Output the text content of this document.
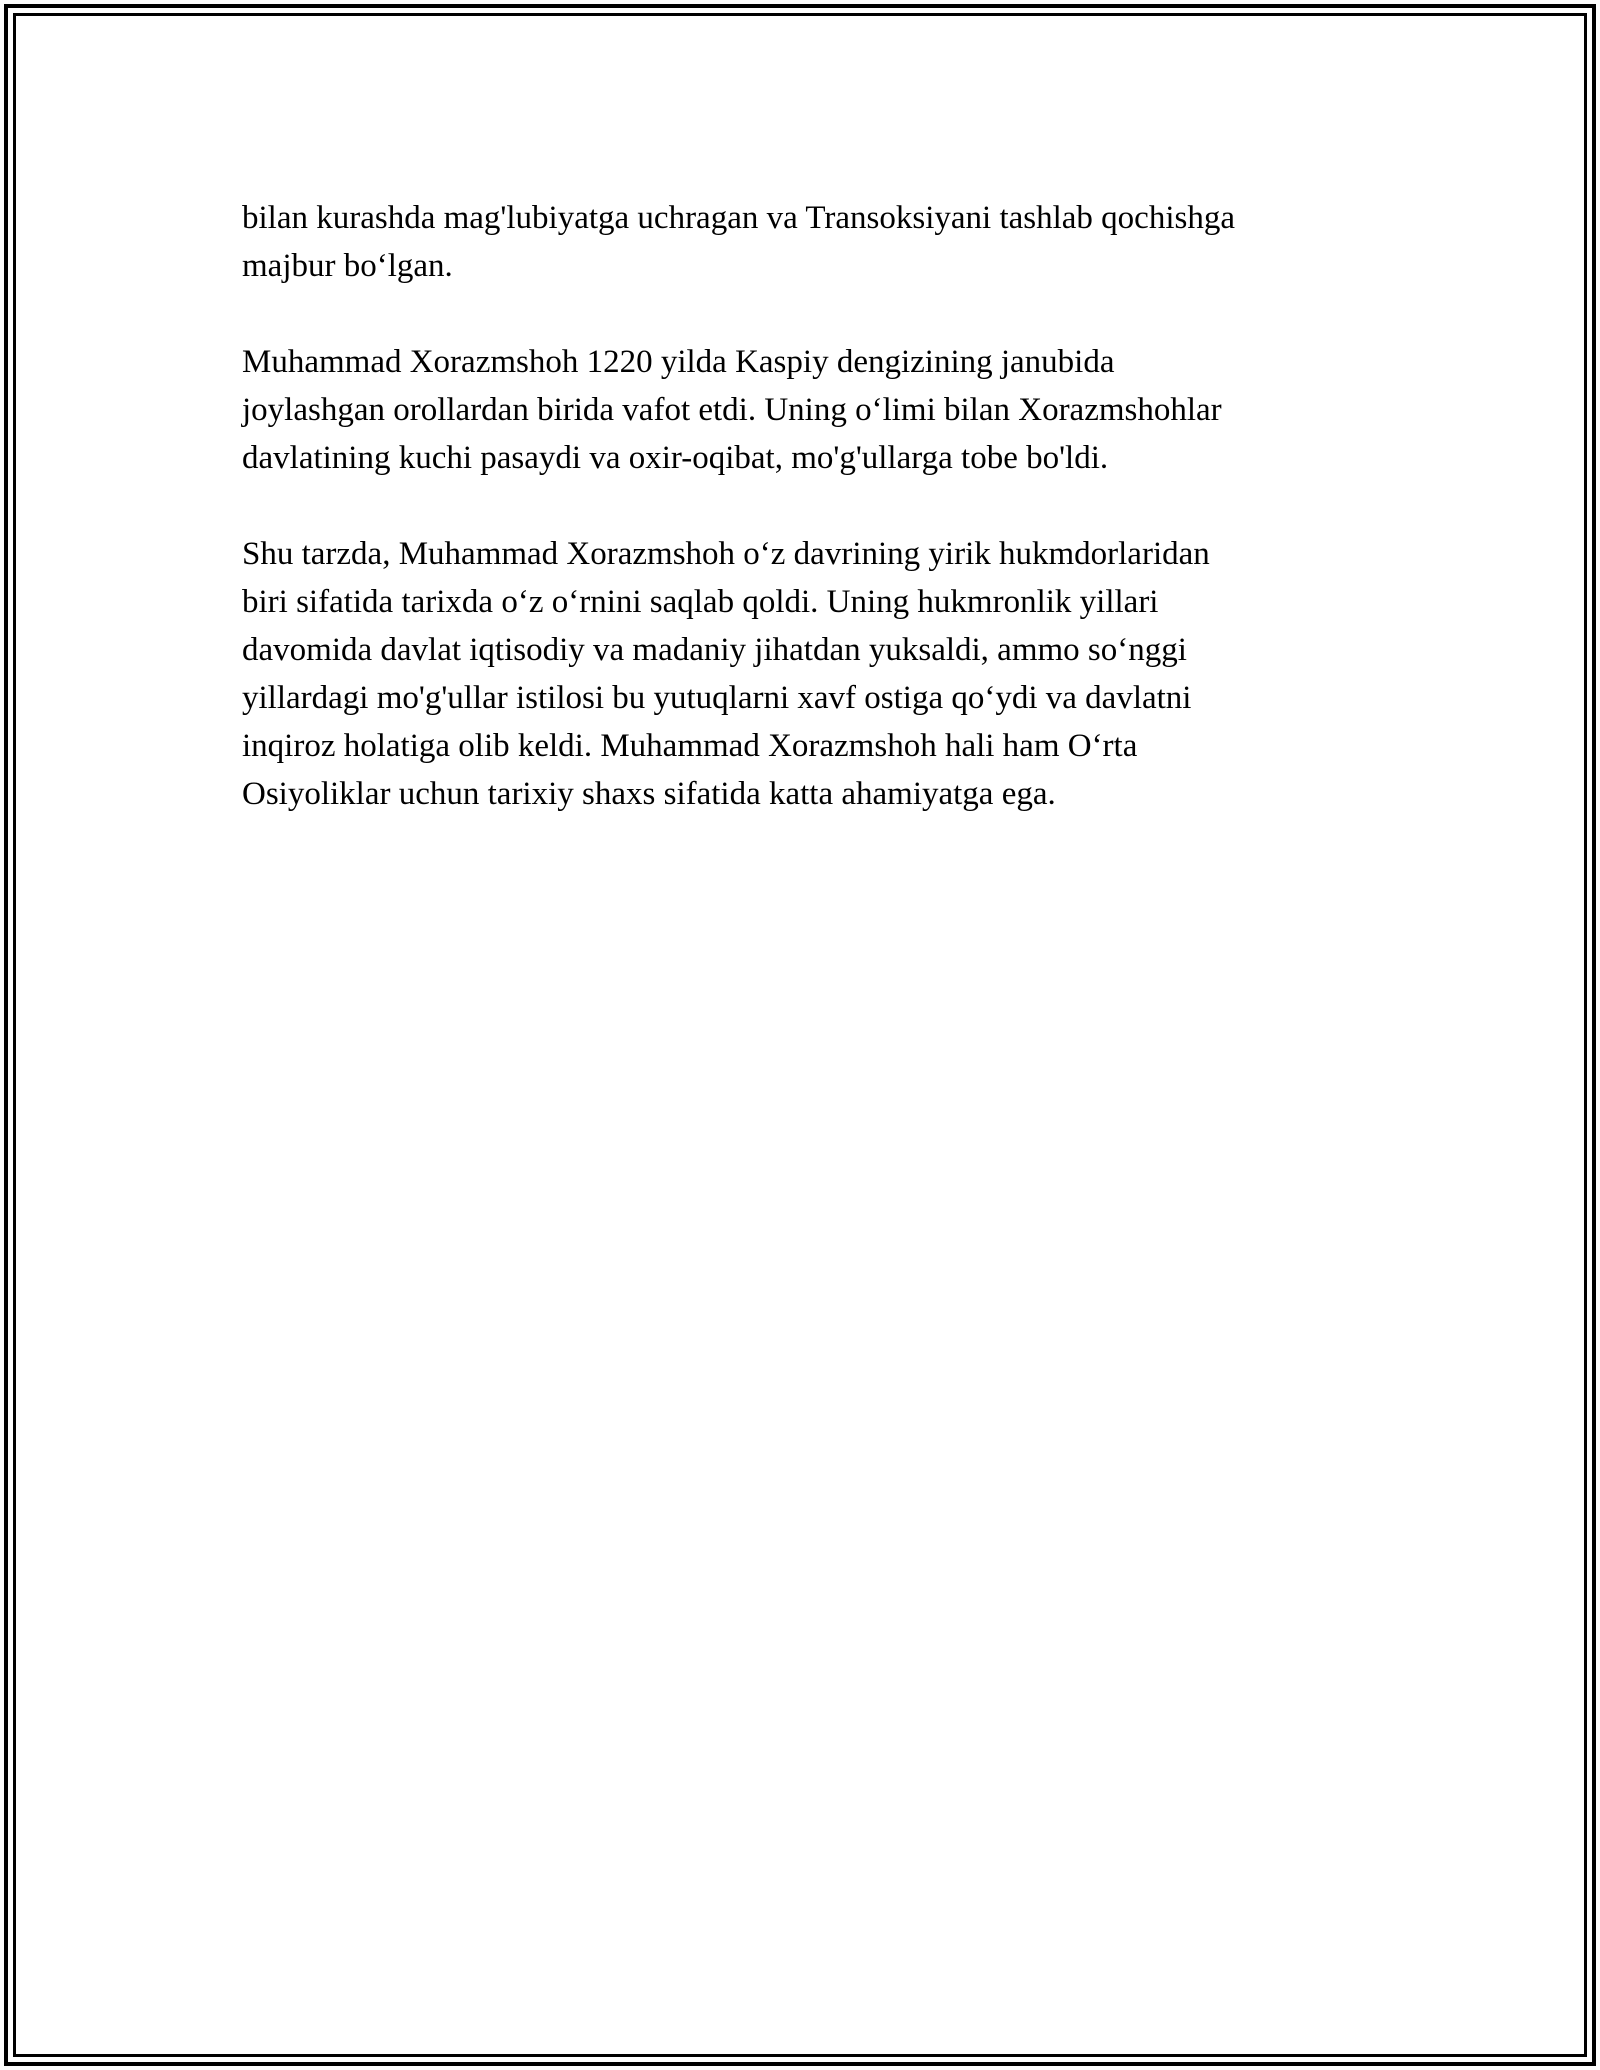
bilan kurashda mag'lubiyatga uchragan va Transoksiyani tashlab qochishga
majbur bo‘lgan.

Muhammad Xorazmshoh 1220 yilda Kaspiy dengizining janubida
joylashgan orollardan birida vafot etdi. Uning o‘limi bilan Xorazmshohlar
davlatining kuchi pasaydi va oxir-oqibat, mo'g'ullarga tobe bo'ldi.

Shu tarzda, Muhammad Xorazmshoh o‘z davrining yirik hukmdorlaridan
biri sifatida tarixda o‘z o‘rnini saqlab qoldi. Uning hukmronlik yillari
davomida davlat iqtisodiy va madaniy jihatdan yuksaldi, ammo so‘nggi
yillardagi mo'g'ullar istilosi bu yutuqlarni xavf ostiga qo‘ydi va davlatni
inqiroz holatiga olib keldi. Muhammad Xorazmshoh hali ham O‘rta
Osiyoliklar uchun tarixiy shaxs sifatida katta ahamiyatga ega.
